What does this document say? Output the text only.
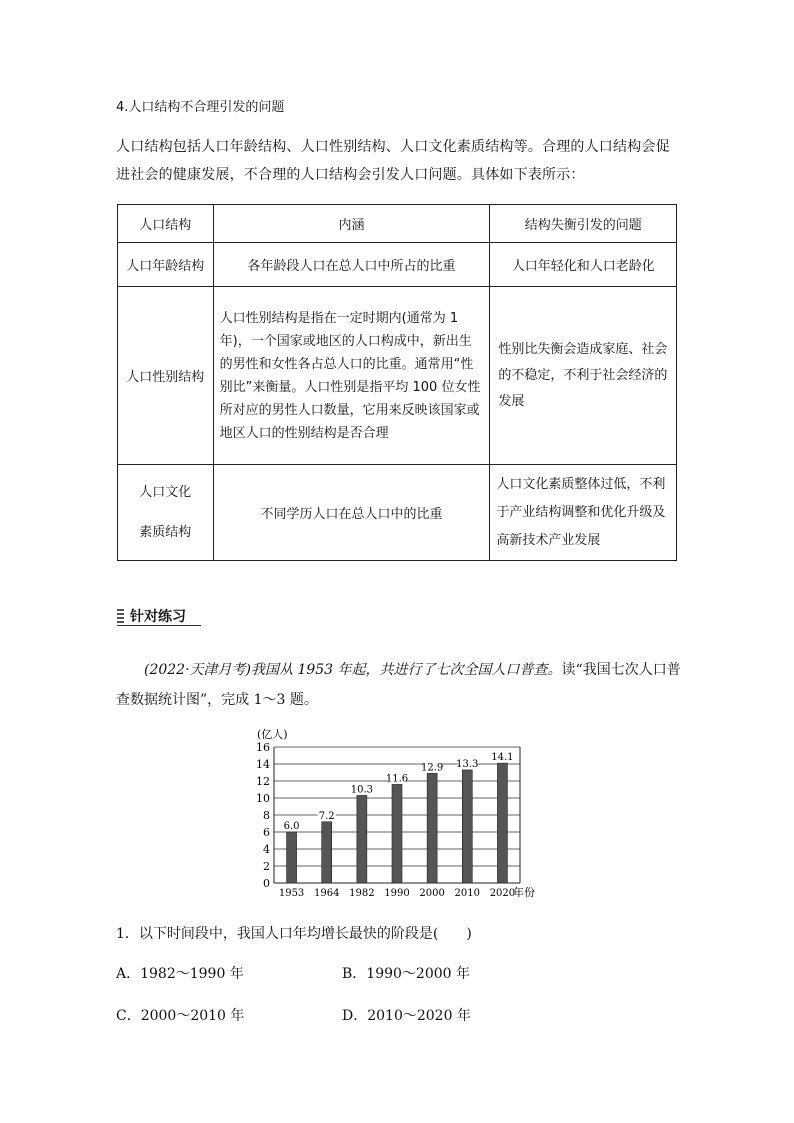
4.人口结构不合理引发的问题
人口结构包括人口年龄结构、人口性别结构、人口文化素质结构等。合理的人口结构会促进社会的健康发展，不合理的人口结构会引发人口问题。具体如下表所示：
人口结构	内涵	结构失衡引发的问题
人口年龄结构	各年龄段人口在总人口中所占的比重	人口年轻化和人口老龄化
人口性别结构	人口性别结构是指在一定时期内(通常为 1 年)，一个国家或地区的人口构成中，新出生的男性和女性各占总人口的比重。通常用“性别比”来衡量。人口性别是指平均 100 位女性所对应的男性人口数量，它用来反映该国家或地区人口的性别结构是否合理	性别比失衡会造成家庭、社会的不稳定，不利于社会经济的发展

人口文化
素质结构	不同学历人口在总人口中的比重	人口文化素质整体过低，不利于产业结构调整和优化升级及高新技术产业发展
针对练习
(2022·天津月考)我国从 1953 年起，共进行了七次全国人口普查。读“我国七次人口普查数据统计图”，完成 1～3 题。
0
2
4
6
8
10
12
14
16
6.0
1953
7.2
1964
10.3
1982
11.6
1990
12.9
2000
13.3
2010
14.1
2020
(亿人)
年份
1．以下时间段中，我国人口年均增长最快的阶段是(　　)
A．1982～1990 年	B．1990～2000 年
C．2000～2010 年	D．2010～2020 年
